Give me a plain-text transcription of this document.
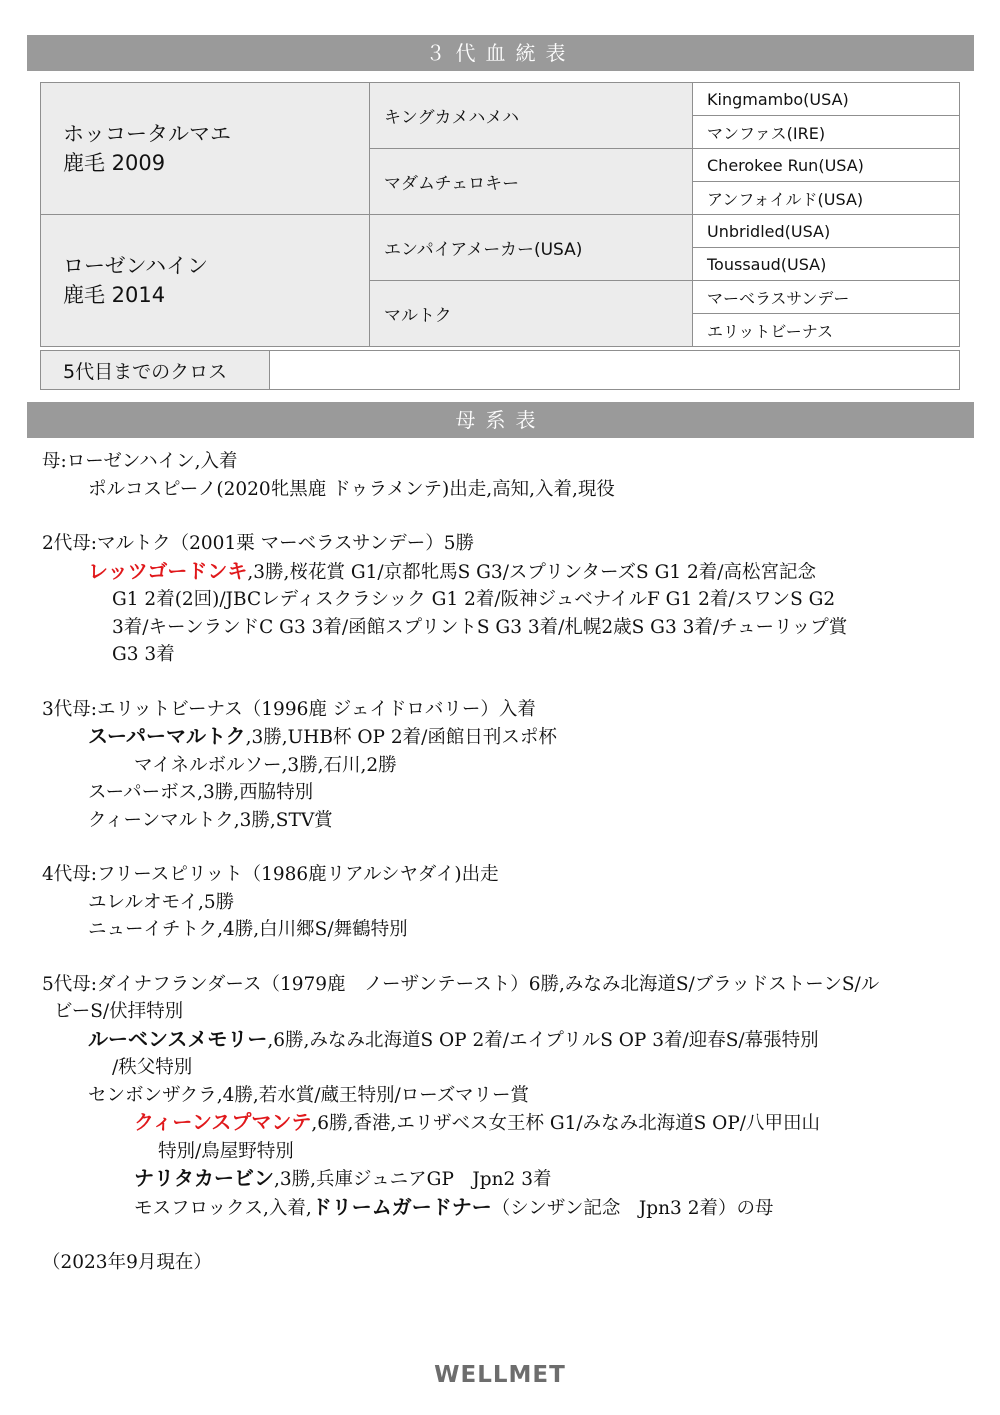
３代血統表
ホッコータルマエ
鹿毛 2009	キングカメハメハ	Kingmambo(USA)
		マンファス(IRE)
	マダムチェロキー	Cherokee Run(USA)
		アンフォイルド(USA)

ローゼンハイン
鹿毛 2014	エンパイアメーカー(USA)	Unbridled(USA)
		Toussaud(USA)
	マルトク	マーベラスサンデー
		エリットビーナス
5代目までのクロス	
母系表

母:ローゼンハイン,入着

ポルコスピーノ(2020牝黒鹿 ドゥラメンテ)出走,高知,入着,現役

2代母:マルトク（2001栗 マーベラスサンデー）5勝

レッツゴードンキ,3勝,桜花賞 G1/京都牝馬S G3/スプリンターズS G1 2着/高松宮記念

G1 2着(2回)/JBCレディスクラシック G1 2着/阪神ジュベナイルF G1 2着/スワンS G2

3着/キーンランドC G3 3着/函館スプリントS G3 3着/札幌2歳S G3 3着/チューリップ賞

G3 3着

3代母:エリットビーナス（1996鹿 ジェイドロバリー）入着

スーパーマルトク,3勝,UHB杯 OP 2着/函館日刊スポ杯

マイネルボルソー,3勝,石川,2勝

スーパーボス,3勝,西脇特別

クィーンマルトク,3勝,STV賞

4代母:フリースピリット（1986鹿リアルシヤダイ)出走

ユレルオモイ,5勝

ニューイチトク,4勝,白川郷S/舞鶴特別

5代母:ダイナフランダース（1979鹿　ノーザンテースト）6勝,みなみ北海道S/ブラッドストーンS/ル

ビーS/伏拝特別

ルーベンスメモリー,6勝,みなみ北海道S OP 2着/エイプリルS OP 3着/迎春S/幕張特別

/秩父特別

センボンザクラ,4勝,若水賞/蔵王特別/ローズマリー賞

クィーンスプマンテ,6勝,香港,エリザベス女王杯 G1/みなみ北海道S OP/八甲田山

特別/鳥屋野特別

ナリタカービン,3勝,兵庫ジュニアGP　Jpn2 3着

モスフロックス,入着,ドリームガードナー（シンザン記念　Jpn3 2着）の母

（2023年9月現在）

WELLMET
